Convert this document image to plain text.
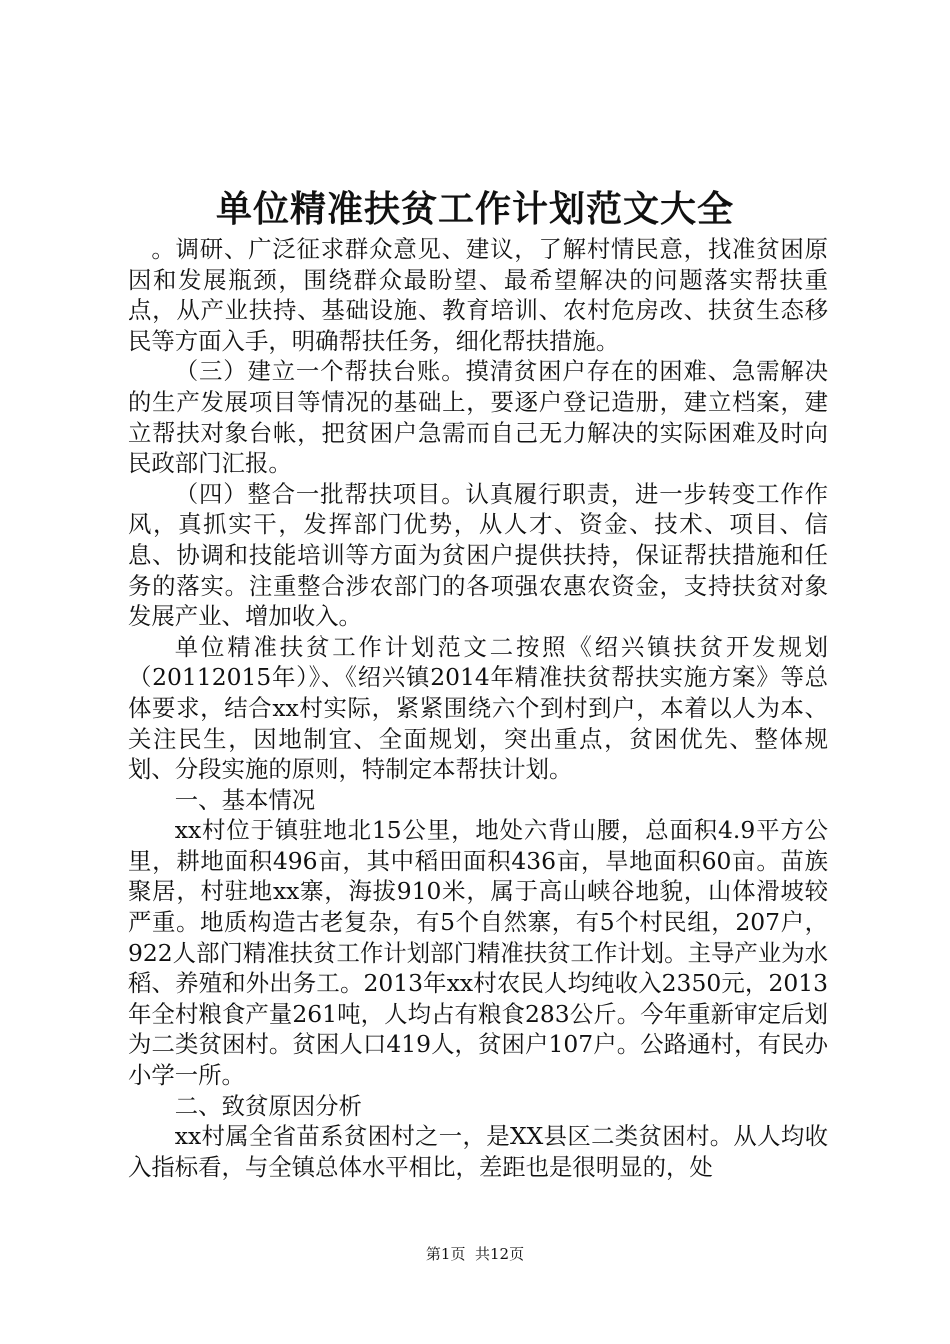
单位精准扶贫工作计划范文大全

。调研、广泛征求群众意见、建议，了解村情民意，找准贫困原因和发展瓶颈，围绕群众最盼望、最希望解决的问题落实帮扶重点，从产业扶持、基础设施、教育培训、农村危房改、扶贫生态移民等方面入手，明确帮扶任务，细化帮扶措施。

（三）建立一个帮扶台账。摸清贫困户存在的困难、急需解决的生产发展项目等情况的基础上，要逐户登记造册，建立档案，建立帮扶对象台帐，把贫困户急需而自己无力解决的实际困难及时向民政部门汇报。

（四）整合一批帮扶项目。认真履行职责，进一步转变工作作风，真抓实干，发挥部门优势，从人才、资金、技术、项目、信息、协调和技能培训等方面为贫困户提供扶持，保证帮扶措施和任务的落实。注重整合涉农部门的各项强农惠农资金，支持扶贫对象发展产业、增加收入。

单位精准扶贫工作计划范文二按照《绍兴镇扶贫开发规划（20112015年）》、《绍兴镇2014年精准扶贫帮扶实施方案》等总体要求，结合xx村实际，紧紧围绕六个到村到户，本着以人为本、关注民生，因地制宜、全面规划，突出重点，贫困优先、整体规划、分段实施的原则，特制定本帮扶计划。

一、基本情况

xx村位于镇驻地北15公里，地处六背山腰，总面积4.9平方公里，耕地面积496亩，其中稻田面积436亩，旱地面积60亩。苗族聚居，村驻地xx寨，海拔910米，属于高山峡谷地貌，山体滑坡较严重。地质构造古老复杂，有5个自然寨，有5个村民组，207户，922人部门精准扶贫工作计划部门精准扶贫工作计划。主导产业为水稻、养殖和外出务工。2013年xx村农民人均纯收入2350元，2013年全村粮食产量261吨，人均占有粮食283公斤。今年重新审定后划为二类贫困村。贫困人口419人，贫困户107户。公路通村，有民办小学一所。

二、致贫原因分析

xx村属全省苗系贫困村之一，是XX县区二类贫困村。从人均收入指标看，与全镇总体水平相比，差距也是很明显的，处

第1页  共12页
